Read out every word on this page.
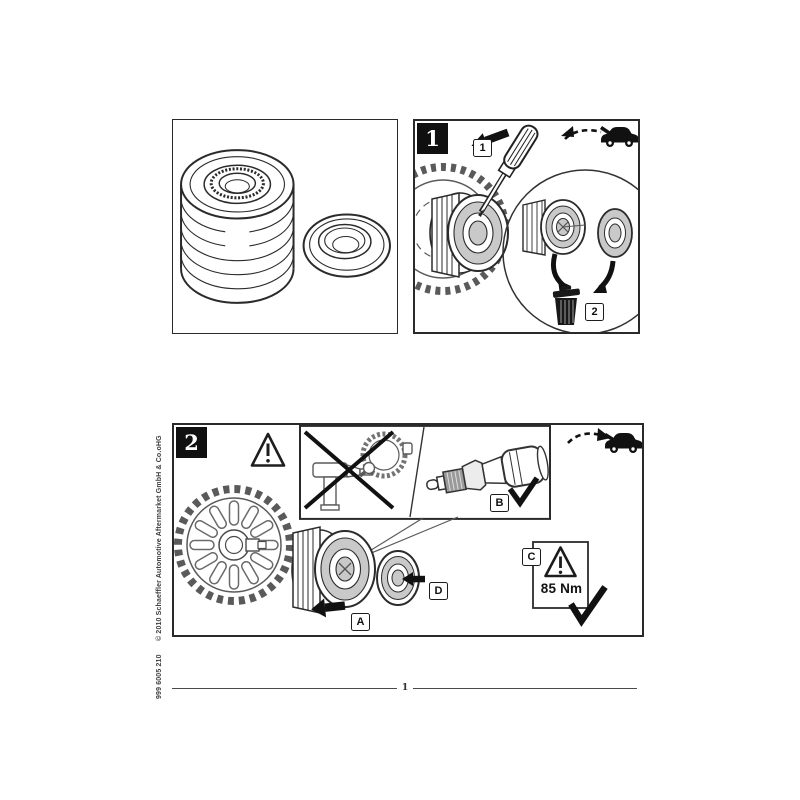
© 2010 Schaeffler Automotive Aftermarket GmbH & Co.oHG
999 6005 210
1	1
2
2
A
B
C
D	85 Nm
1
